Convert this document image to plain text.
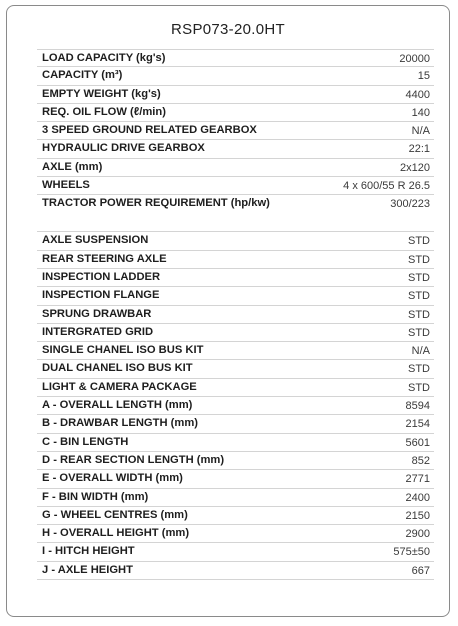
RSP073-20.0HT
LOAD CAPACITY (kg's)	20000
CAPACITY (m³)	15
EMPTY WEIGHT (kg's)	4400
REQ. OIL FLOW (ℓ/min)	140
3 SPEED GROUND RELATED GEARBOX	N/A
HYDRAULIC DRIVE GEARBOX	22:1
AXLE (mm)	2x120
WHEELS	4 x 600/55 R 26.5
TRACTOR POWER REQUIREMENT (hp/kw)	300/223
AXLE SUSPENSION	STD
REAR STEERING AXLE	STD
INSPECTION LADDER	STD
INSPECTION FLANGE	STD
SPRUNG DRAWBAR	STD
INTERGRATED GRID	STD
SINGLE CHANEL ISO BUS KIT	N/A
DUAL CHANEL ISO BUS KIT	STD
LIGHT & CAMERA PACKAGE	STD
A - OVERALL LENGTH (mm)	8594
B - DRAWBAR LENGTH (mm)	2154
C - BIN LENGTH	5601
D - REAR SECTION LENGTH (mm)	852
E - OVERALL WIDTH (mm)	2771
F - BIN WIDTH (mm)	2400
G - WHEEL CENTRES (mm)	2150
H - OVERALL HEIGHT (mm)	2900
I - HITCH HEIGHT	575±50
J - AXLE HEIGHT	667
